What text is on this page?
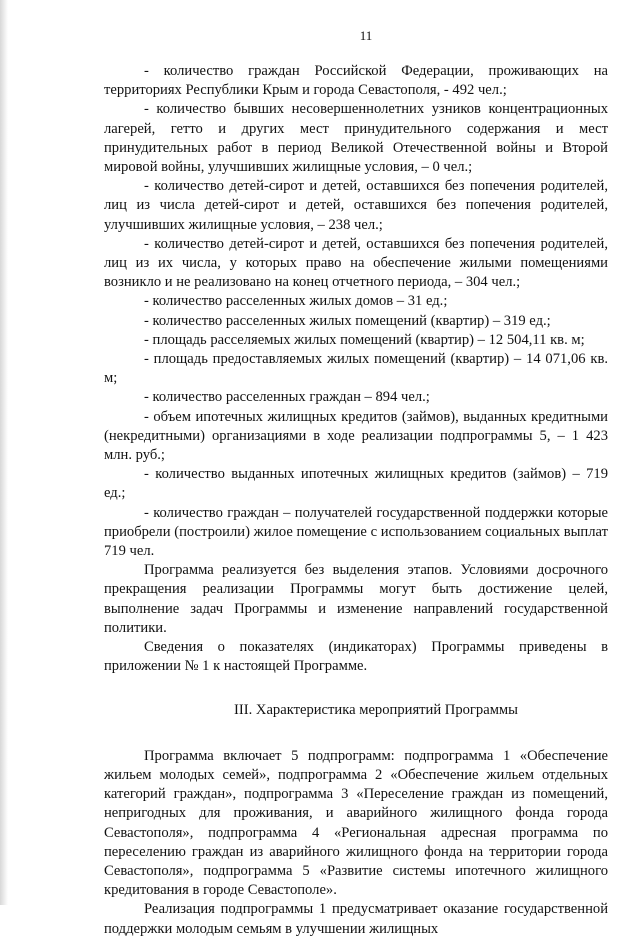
11

- количество граждан Российской Федерации, проживающих на территориях Республики Крым и города Севастополя, - 492 чел.;

- количество бывших несовершеннолетних узников концентрационных лагерей, гетто и других мест принудительного содержания и мест принудительных работ в период Великой Отечественной войны и Второй мировой войны, улучшивших жилищные условия, – 0 чел.;

- количество детей-сирот и детей, оставшихся без попечения родителей, лиц из числа детей-сирот и детей, оставшихся без попечения родителей, улучшивших жилищные условия, – 238 чел.;

- количество детей-сирот и детей, оставшихся без попечения родителей, лиц из их числа, у которых право на обеспечение жилыми помещениями возникло и не реализовано на конец отчетного периода, – 304 чел.;

- количество расселенных жилых домов – 31 ед.;

- количество расселенных жилых помещений (квартир) – 319 ед.;

- площадь расселяемых жилых помещений (квартир) – 12 504,11 кв. м;

- площадь предоставляемых жилых помещений (квартир) – 14 071,06 кв. м;

- количество расселенных граждан – 894 чел.;

- объем ипотечных жилищных кредитов (займов), выданных кредитными (некредитными) организациями в ходе реализации подпрограммы 5, – 1 423 млн. руб.;

- количество выданных ипотечных жилищных кредитов (займов) – 719 ед.;

- количество граждан – получателей государственной поддержки которые приобрели (построили) жилое помещение с использованием социальных выплат 719 чел.

Программа реализуется без выделения этапов. Условиями досрочного прекращения реализации Программы могут быть достижение целей, выполнение задач Программы и изменение направлений государственной политики.

Сведения о показателях (индикаторах) Программы приведены в приложении № 1 к настоящей Программе.

III. Характеристика мероприятий Программы

Программа включает 5 подпрограмм: подпрограмма 1 «Обеспечение жильем молодых семей», подпрограмма 2 «Обеспечение жильем отдельных категорий граждан», подпрограмма 3 «Переселение граждан из помещений, непригодных для проживания, и аварийного жилищного фонда города Севастополя», подпрограмма 4 «Региональная адресная программа по переселению граждан из аварийного жилищного фонда на территории города Севастополя», подпрограмма 5 «Развитие системы ипотечного жилищного кредитования в городе Севастополе».

Реализация подпрограммы 1 предусматривает оказание государственной поддержки молодым семьям в улучшении жилищных
